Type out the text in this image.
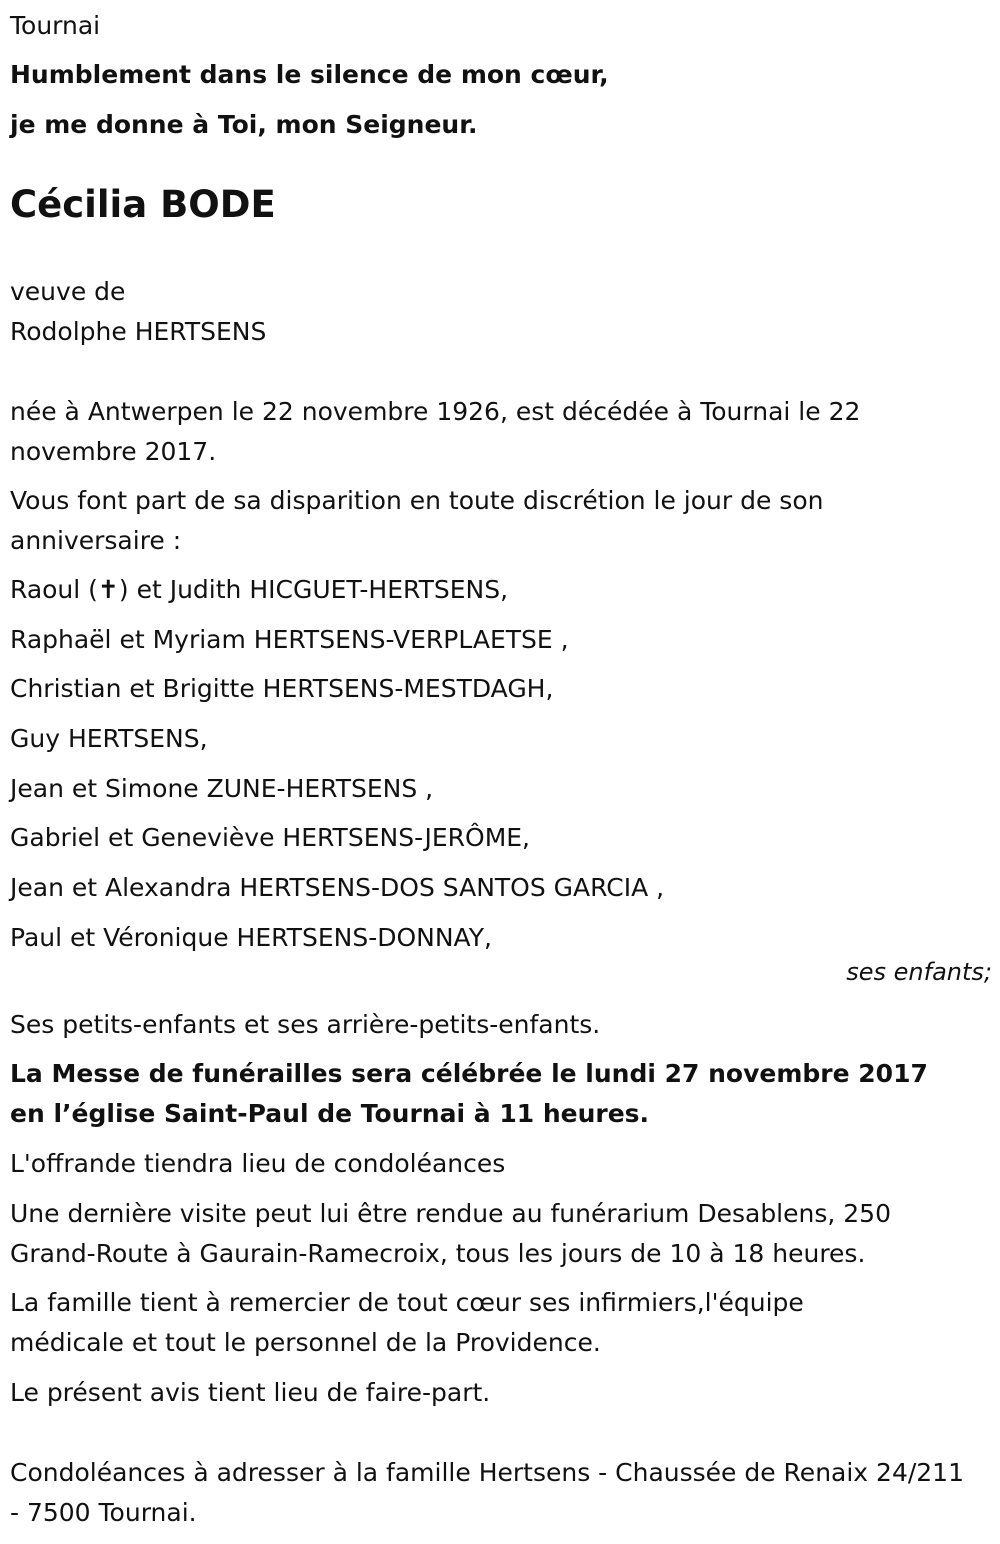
Tournai

Humblement dans le silence de mon cœur,

je me donne à Toi, mon Seigneur.

Cécilia BODE

veuve de

Rodolphe HERTSENS

née à Antwerpen le 22 novembre 1926, est décédée à Tournai le 22 novembre 2017.

Vous font part de sa disparition en toute discrétion le jour de son anniversaire :

Raoul (✝) et Judith HICGUET-HERTSENS,

Raphaël et Myriam HERTSENS-VERPLAETSE ,

Christian et Brigitte HERTSENS-MESTDAGH,

Guy HERTSENS,

Jean et Simone ZUNE-HERTSENS ,

Gabriel et Geneviève HERTSENS-JERÔME,

Jean et Alexandra HERTSENS-DOS SANTOS GARCIA ,

Paul et Véronique HERTSENS-DONNAY,

ses enfants;

Ses petits-enfants et ses arrière-petits-enfants.

La Messe de funérailles sera célébrée le lundi 27 novembre 2017 en l’église Saint-Paul de Tournai à 11 heures.

L'offrande tiendra lieu de condoléances

Une dernière visite peut lui être rendue au funérarium Desablens, 250 Grand-Route à Gaurain-Ramecroix, tous les jours de 10 à 18 heures.

La famille tient à remercier de tout cœur ses infirmiers,l'équipe médicale et tout le personnel de la Providence.

Le présent avis tient lieu de faire-part.

Condoléances à adresser à la famille Hertsens - Chaussée de Renaix 24/211 - 7500 Tournai.
